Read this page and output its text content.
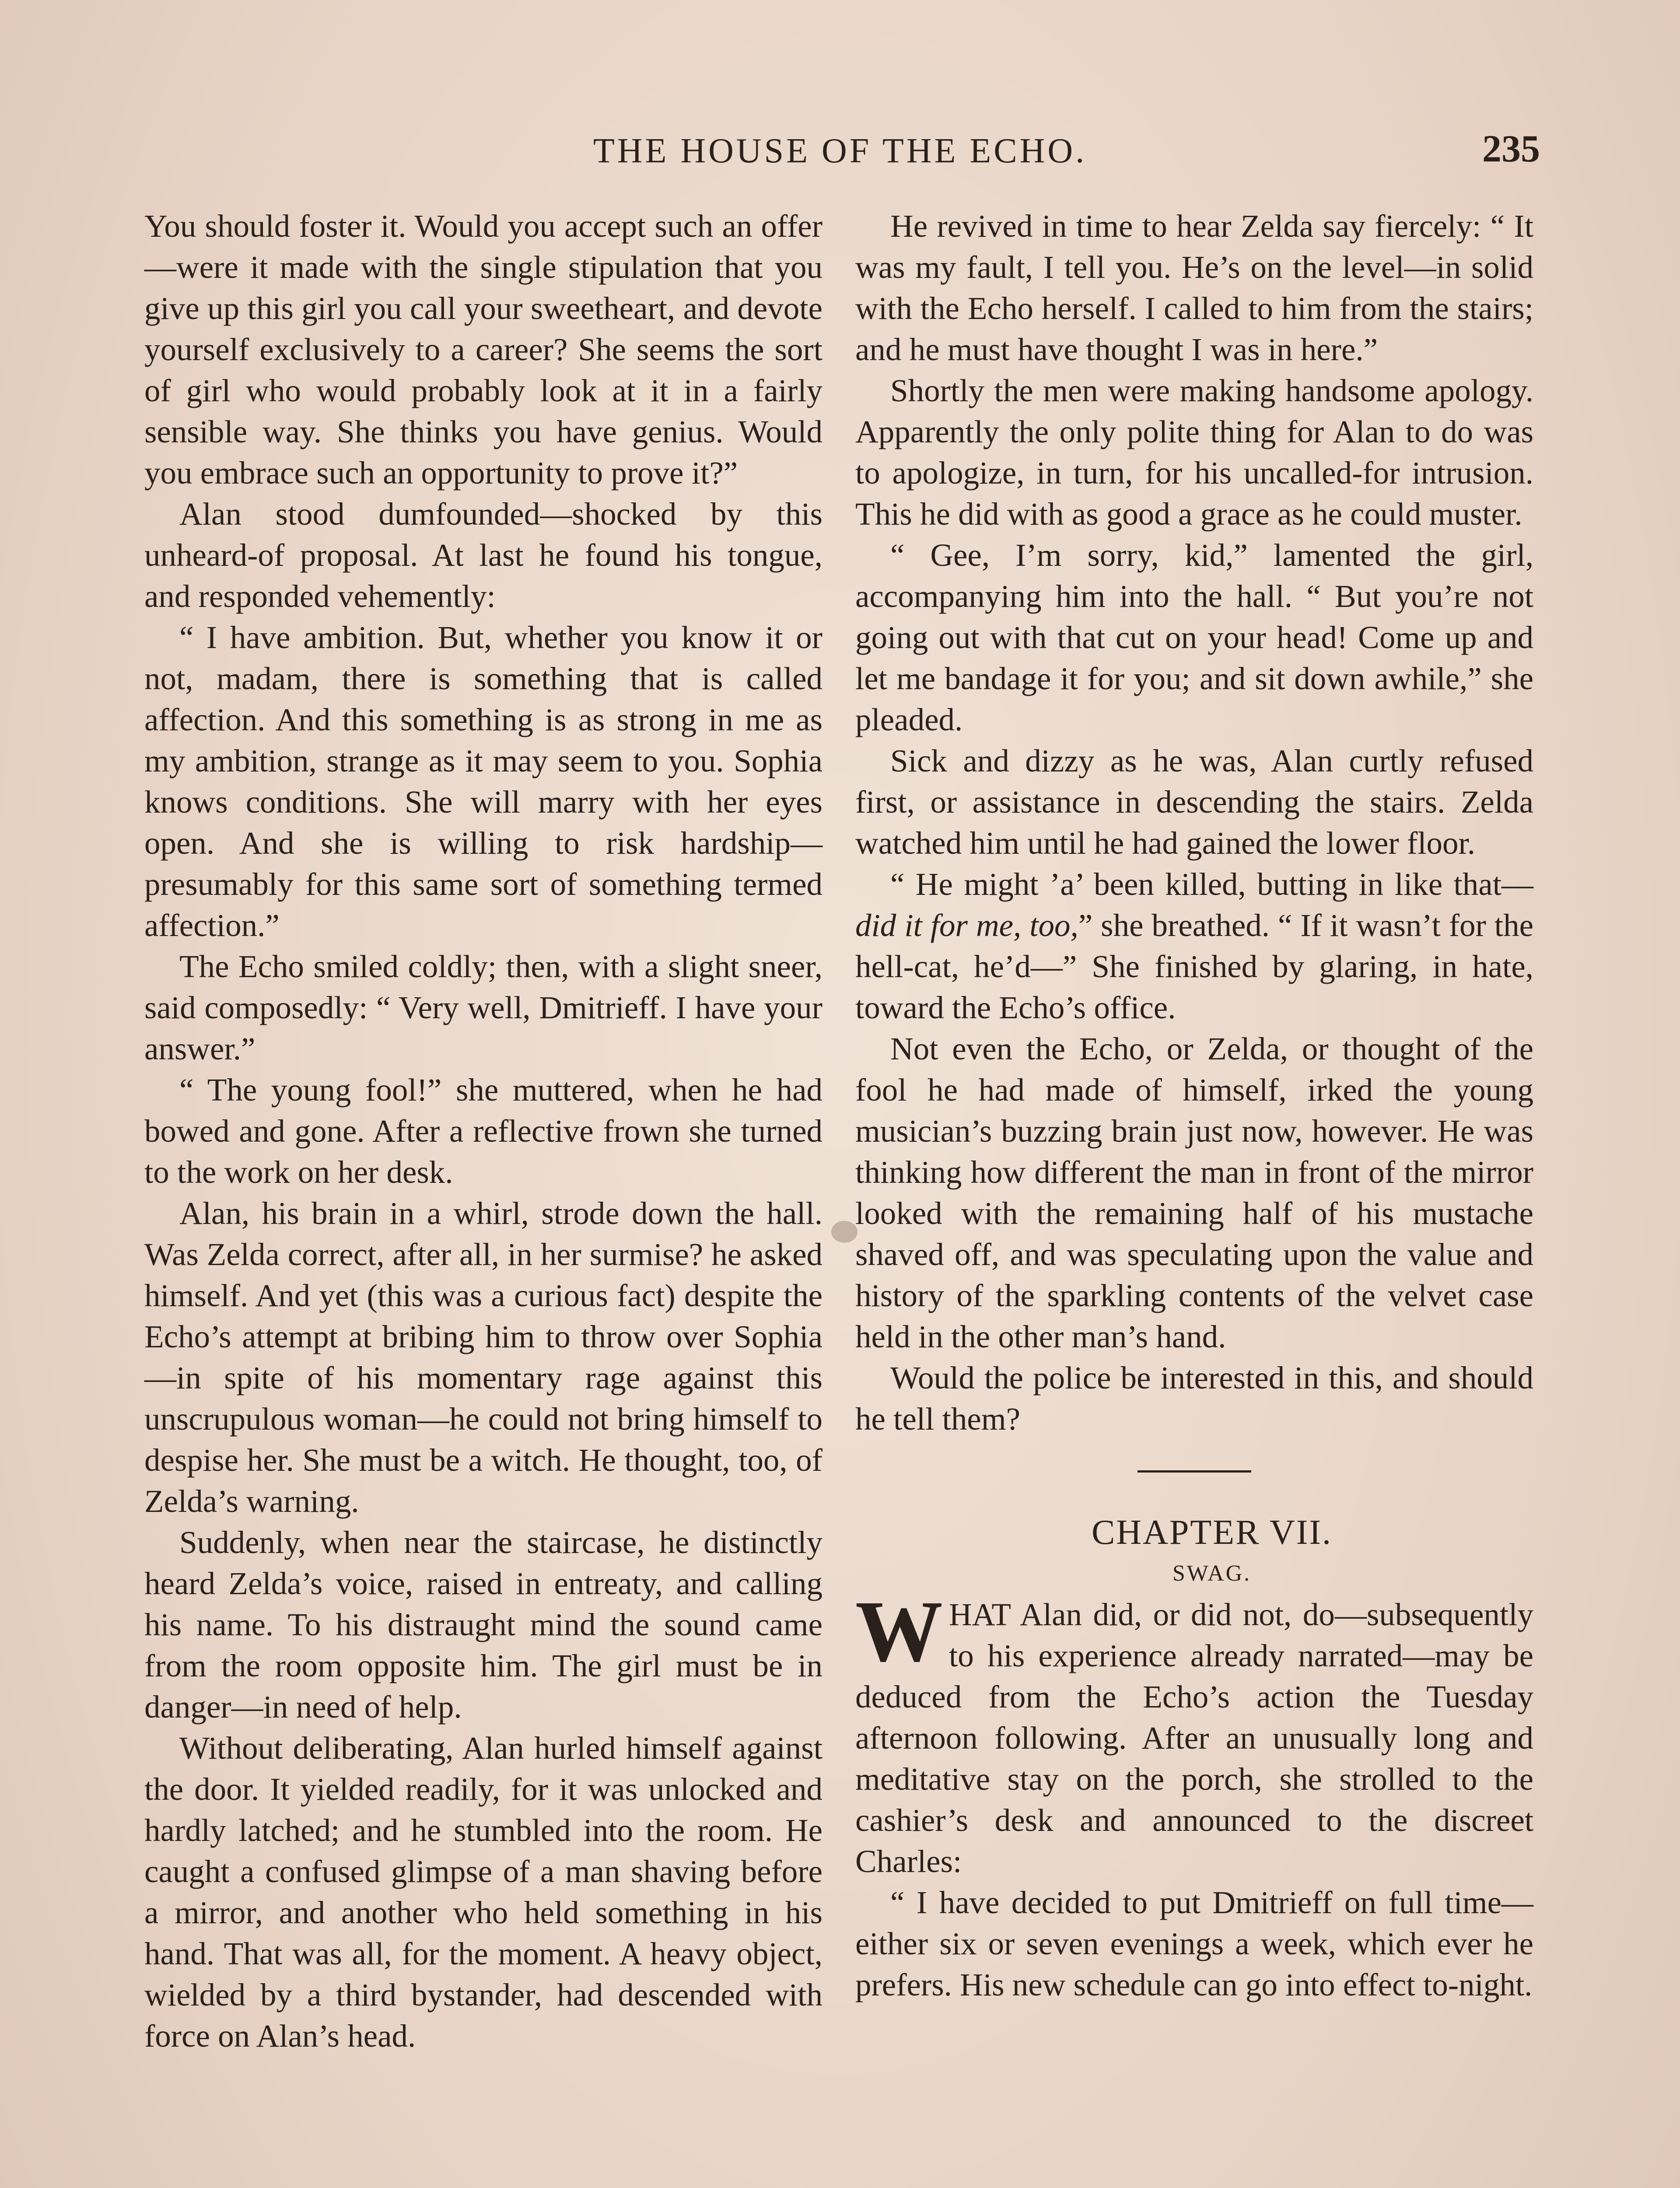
THE HOUSE OF THE ECHO.	235

You should foster it. Would you accept such an offer—were it made with the single stipulation that you give up this girl you call your sweetheart, and devote yourself exclusively to a career? She seems the sort of girl who would probably look at it in a fairly sensible way. She thinks you have genius. Would you embrace such an opportunity to prove it?”

Alan stood dumfounded—shocked by this unheard-of proposal. At last he found his tongue, and responded vehemently:

“ I have ambition. But, whether you know it or not, madam, there is something that is called affection. And this something is as strong in me as my ambition, strange as it may seem to you. Sophia knows conditions. She will marry with her eyes open. And she is willing to risk hardship—presumably for this same sort of something termed affection.”

The Echo smiled coldly; then, with a slight sneer, said composedly: “ Very well, Dmitrieff. I have your answer.”

“ The young fool!” she muttered, when he had bowed and gone. After a reflective frown she turned to the work on her desk.

Alan, his brain in a whirl, strode down the hall. Was Zelda correct, after all, in her surmise? he asked himself. And yet (this was a curious fact) despite the Echo’s attempt at bribing him to throw over Sophia—in spite of his momentary rage against this unscrupulous woman—he could not bring himself to despise her. She must be a witch. He thought, too, of Zelda’s warning.

Suddenly, when near the staircase, he distinctly heard Zelda’s voice, raised in entreaty, and calling his name. To his distraught mind the sound came from the room opposite him. The girl must be in danger—in need of help.

Without deliberating, Alan hurled himself against the door. It yielded readily, for it was unlocked and hardly latched; and he stumbled into the room. He caught a confused glimpse of a man shaving before a mirror, and another who held something in his hand. That was all, for the moment. A heavy object, wielded by a third bystander, had descended with force on Alan’s head.

He revived in time to hear Zelda say fiercely: “ It was my fault, I tell you. He’s on the level—in solid with the Echo herself. I called to him from the stairs; and he must have thought I was in here.”

Shortly the men were making handsome apology. Apparently the only polite thing for Alan to do was to apologize, in turn, for his uncalled-for intrusion. This he did with as good a grace as he could muster.

“ Gee, I’m sorry, kid,” lamented the girl, accompanying him into the hall. “ But you’re not going out with that cut on your head! Come up and let me bandage it for you; and sit down awhile,” she pleaded.

Sick and dizzy as he was, Alan curtly refused first, or assistance in descending the stairs. Zelda watched him until he had gained the lower floor.

“ He might ’a’ been killed, butting in like that—did it for me, too,” she breathed. “ If it wasn’t for the hell-cat, he’d—” She finished by glaring, in hate, toward the Echo’s office.

Not even the Echo, or Zelda, or thought of the fool he had made of himself, irked the young musician’s buzzing brain just now, however. He was thinking how different the man in front of the mirror looked with the remaining half of his mustache shaved off, and was speculating upon the value and history of the sparkling contents of the velvet case held in the other man’s hand.

Would the police be interested in this, and should he tell them?

CHAPTER VII.

SWAG.

WHAT Alan did, or did not, do—subsequently to his experience already narrated—may be deduced from the Echo’s action the Tuesday afternoon following. After an unusually long and meditative stay on the porch, she strolled to the cashier’s desk and announced to the discreet Charles:

“ I have decided to put Dmitrieff on full time—either six or seven evenings a week, which ever he prefers. His new schedule can go into effect to-night.
